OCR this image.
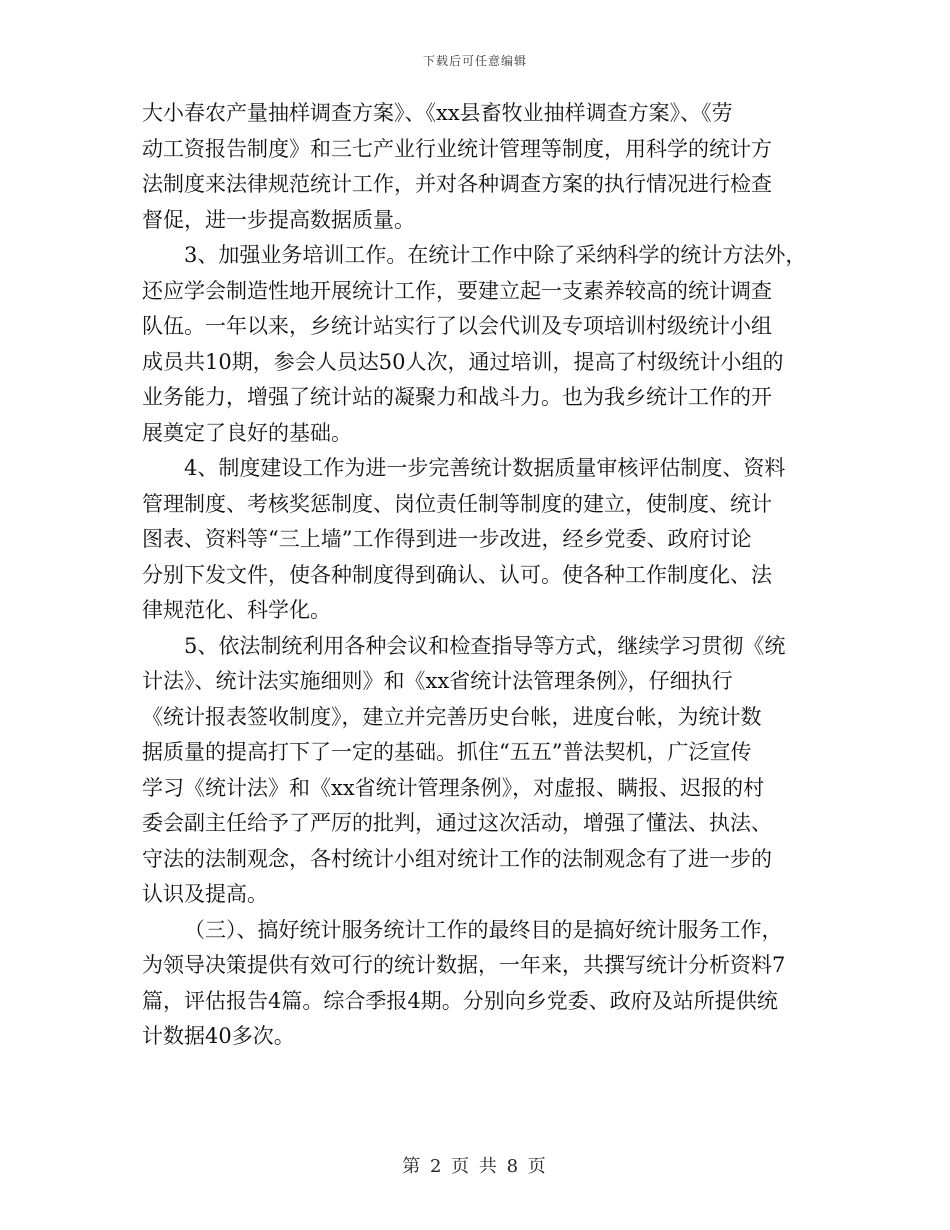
下载后可任意编辑
大小春农产量抽样调查方案》、《xx县畜牧业抽样调查方案》、《劳
动工资报告制度》和三七产业行业统计管理等制度，用科学的统计方
法制度来法律规范统计工作，并对各种调查方案的执行情况进行检查
督促，进一步提高数据质量。
3、加强业务培训工作。在统计工作中除了采纳科学的统计方法外，
还应学会制造性地开展统计工作，要建立起一支素养较高的统计调查
队伍。一年以来，乡统计站实行了以会代训及专项培训村级统计小组
成员共10期，参会人员达50人次，通过培训，提高了村级统计小组的
业务能力，增强了统计站的凝聚力和战斗力。也为我乡统计工作的开
展奠定了良好的基础。
4、制度建设工作为进一步完善统计数据质量审核评估制度、资料
管理制度、考核奖惩制度、岗位责任制等制度的建立，使制度、统计
图表、资料等“三上墙”工作得到进一步改进，经乡党委、政府讨论
分别下发文件，使各种制度得到确认、认可。使各种工作制度化、法
律规范化、科学化。
5、依法制统利用各种会议和检查指导等方式，继续学习贯彻《统
计法》、统计法实施细则》和《xx省统计法管理条例》，仔细执行
《统计报表签收制度》，建立并完善历史台帐，进度台帐，为统计数
据质量的提高打下了一定的基础。抓住“五五”普法契机，广泛宣传
学习《统计法》和《xx省统计管理条例》，对虚报、瞒报、迟报的村
委会副主任给予了严厉的批判，通过这次活动，增强了懂法、执法、
守法的法制观念，各村统计小组对统计工作的法制观念有了进一步的
认识及提高。
（三）、搞好统计服务统计工作的最终目的是搞好统计服务工作，
为领导决策提供有效可行的统计数据，一年来，共撰写统计分析资料7
篇，评估报告4篇。综合季报4期。分别向乡党委、政府及站所提供统
计数据40多次。
第 2 页 共 8 页
